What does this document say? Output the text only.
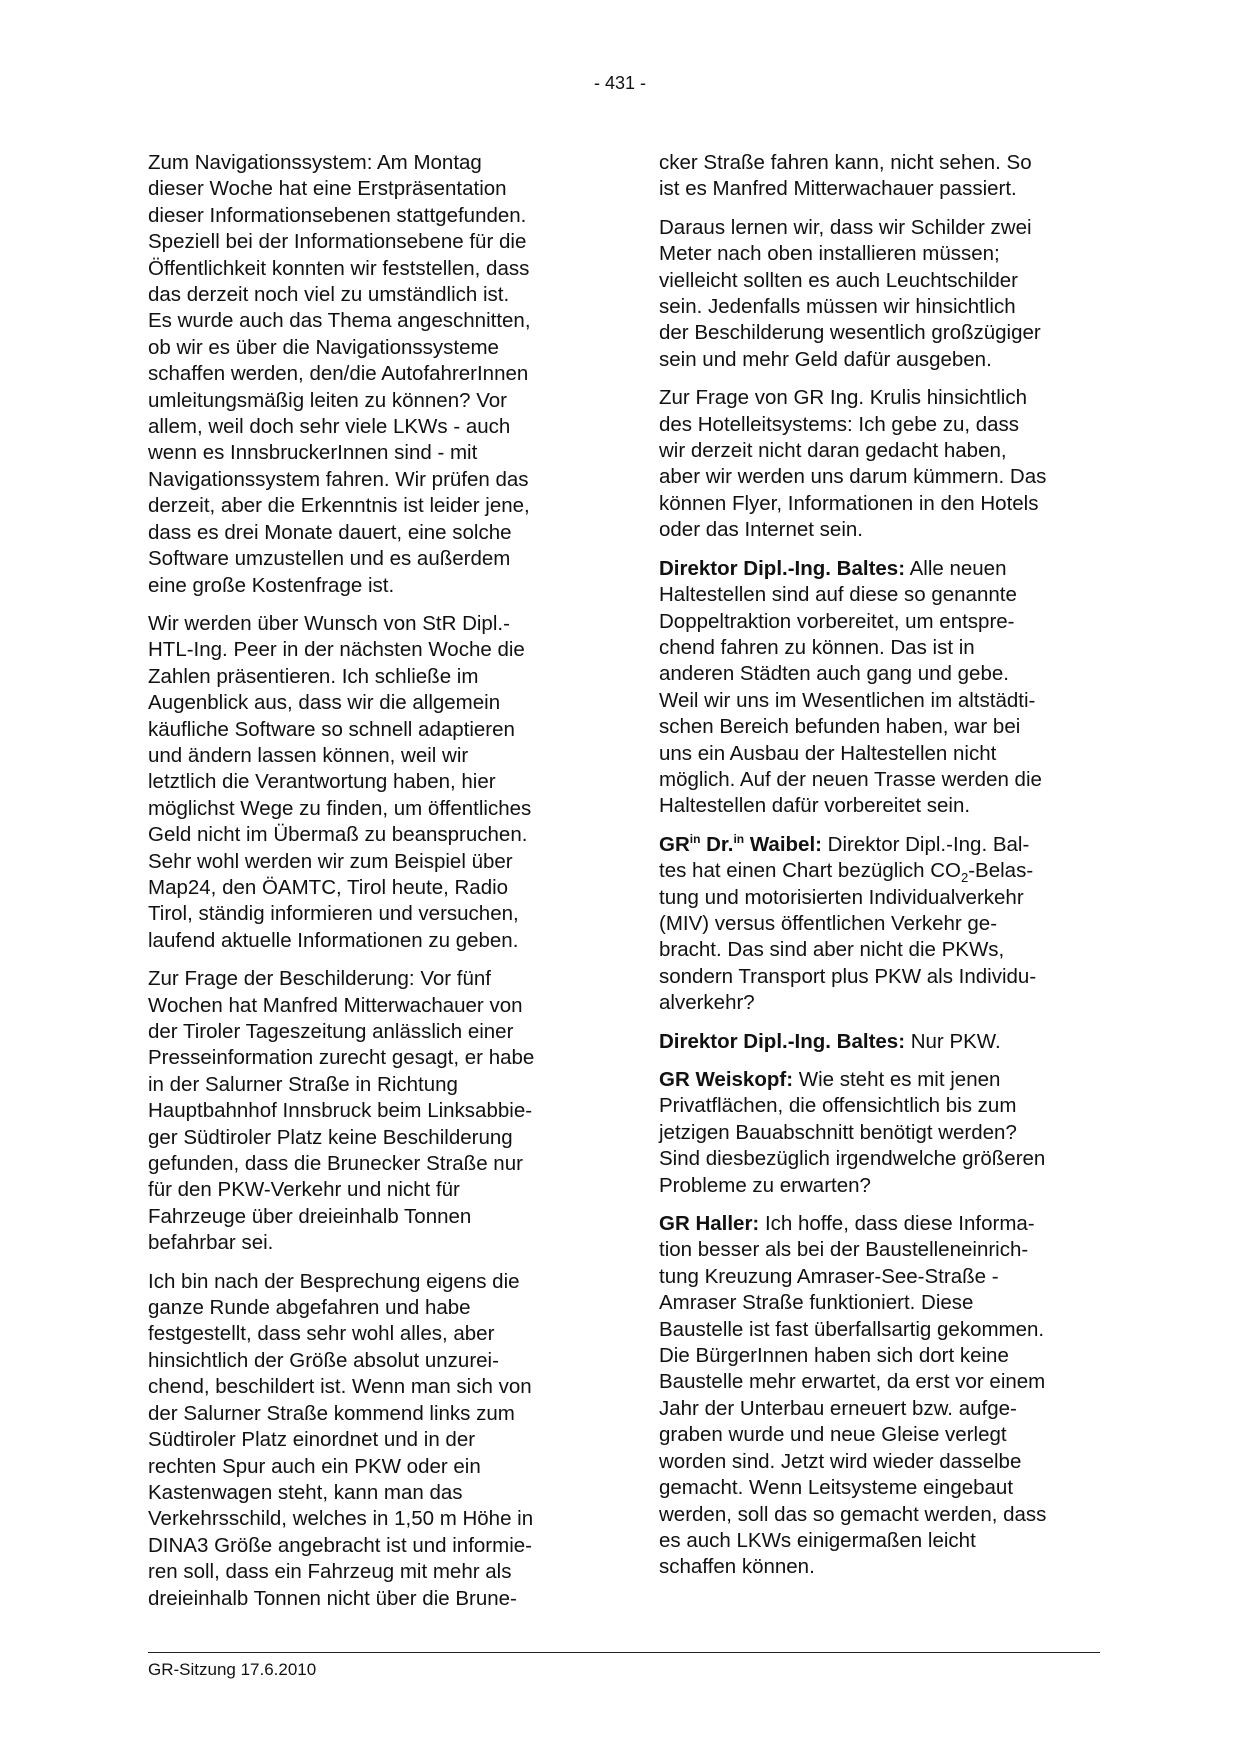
- 431 -

Zum Navigationssystem: Am Montag
dieser Woche hat eine Erstpräsentation
dieser Informationsebenen stattgefunden.
Speziell bei der Informationsebene für die
Öffentlichkeit konnten wir feststellen, dass
das derzeit noch viel zu umständlich ist.
Es wurde auch das Thema angeschnitten,
ob wir es über die Navigationssysteme
schaffen werden, den/die AutofahrerInnen
umleitungsmäßig leiten zu können? Vor
allem, weil doch sehr viele LKWs - auch
wenn es InnsbruckerInnen sind - mit
Navigationssystem fahren. Wir prüfen das
derzeit, aber die Erkenntnis ist leider jene,
dass es drei Monate dauert, eine solche
Software umzustellen und es außerdem
eine große Kostenfrage ist.

Wir werden über Wunsch von StR Dipl.-
HTL-Ing. Peer in der nächsten Woche die
Zahlen präsentieren. Ich schließe im
Augenblick aus, dass wir die allgemein
käufliche Software so schnell adaptieren
und ändern lassen können, weil wir
letztlich die Verantwortung haben, hier
möglichst Wege zu finden, um öffentliches
Geld nicht im Übermaß zu beanspruchen.
Sehr wohl werden wir zum Beispiel über
Map24, den ÖAMTC, Tirol heute, Radio
Tirol, ständig informieren und versuchen,
laufend aktuelle Informationen zu geben.

Zur Frage der Beschilderung: Vor fünf
Wochen hat Manfred Mitterwachauer von
der Tiroler Tageszeitung anlässlich einer
Presseinformation zurecht gesagt, er habe
in der Salurner Straße in Richtung
Hauptbahnhof Innsbruck beim Linksabbie-
ger Südtiroler Platz keine Beschilderung
gefunden, dass die Brunecker Straße nur
für den PKW-Verkehr und nicht für
Fahrzeuge über dreieinhalb Tonnen
befahrbar sei.

Ich bin nach der Besprechung eigens die
ganze Runde abgefahren und habe
festgestellt, dass sehr wohl alles, aber
hinsichtlich der Größe absolut unzurei-
chend, beschildert ist. Wenn man sich von
der Salurner Straße kommend links zum
Südtiroler Platz einordnet und in der
rechten Spur auch ein PKW oder ein
Kastenwagen steht, kann man das
Verkehrsschild, welches in 1,50 m Höhe in
DINA3 Größe angebracht ist und informie-
ren soll, dass ein Fahrzeug mit mehr als
dreieinhalb Tonnen nicht über die Brune-

cker Straße fahren kann, nicht sehen. So
ist es Manfred Mitterwachauer passiert.

Daraus lernen wir, dass wir Schilder zwei
Meter nach oben installieren müssen;
vielleicht sollten es auch Leuchtschilder
sein. Jedenfalls müssen wir hinsichtlich
der Beschilderung wesentlich großzügiger
sein und mehr Geld dafür ausgeben.

Zur Frage von GR Ing. Krulis hinsichtlich
des Hotelleitsystems: Ich gebe zu, dass
wir derzeit nicht daran gedacht haben,
aber wir werden uns darum kümmern. Das
können Flyer, Informationen in den Hotels
oder das Internet sein.

Direktor Dipl.-Ing. Baltes: Alle neuen
Haltestellen sind auf diese so genannte
Doppeltraktion vorbereitet, um entspre-
chend fahren zu können. Das ist in
anderen Städten auch gang und gebe.
Weil wir uns im Wesentlichen im altstädti-
schen Bereich befunden haben, war bei
uns ein Ausbau der Haltestellen nicht
möglich. Auf der neuen Trasse werden die
Haltestellen dafür vorbereitet sein.

$GR^{in}$ Dr.$^{in}$ Waibel: Direktor Dipl.-Ing. Bal-
tes hat einen Chart bezüglich $CO_2-Belas-$
tung und motorisierten Individualverkehr
(MIV) versus öffentlichen Verkehr ge-
bracht. Das sind aber nicht die PKWs,
sondern Transport plus PKW als Individu-
alverkehr?

Direktor Dipl.-Ing. Baltes: Nur PKW.

GR Weiskopf: Wie steht es mit jenen
Privatflächen, die offensichtlich bis zum
jetzigen Bauabschnitt benötigt werden?
Sind diesbezüglich irgendwelche größeren
Probleme zu erwarten?

GR Haller: Ich hoffe, dass diese Informa-
tion besser als bei der Baustelleneinrich-
tung Kreuzung Amraser-See-Straße -
Amraser Straße funktioniert. Diese
Baustelle ist fast überfallsartig gekommen.
Die BürgerInnen haben sich dort keine
Baustelle mehr erwartet, da erst vor einem
Jahr der Unterbau erneuert bzw. aufge-
graben wurde und neue Gleise verlegt
worden sind. Jetzt wird wieder dasselbe
gemacht. Wenn Leitsysteme eingebaut
werden, soll das so gemacht werden, dass
es auch LKWs einigermaßen leicht
schaffen können.

GR-Sitzung 17.6.2010
